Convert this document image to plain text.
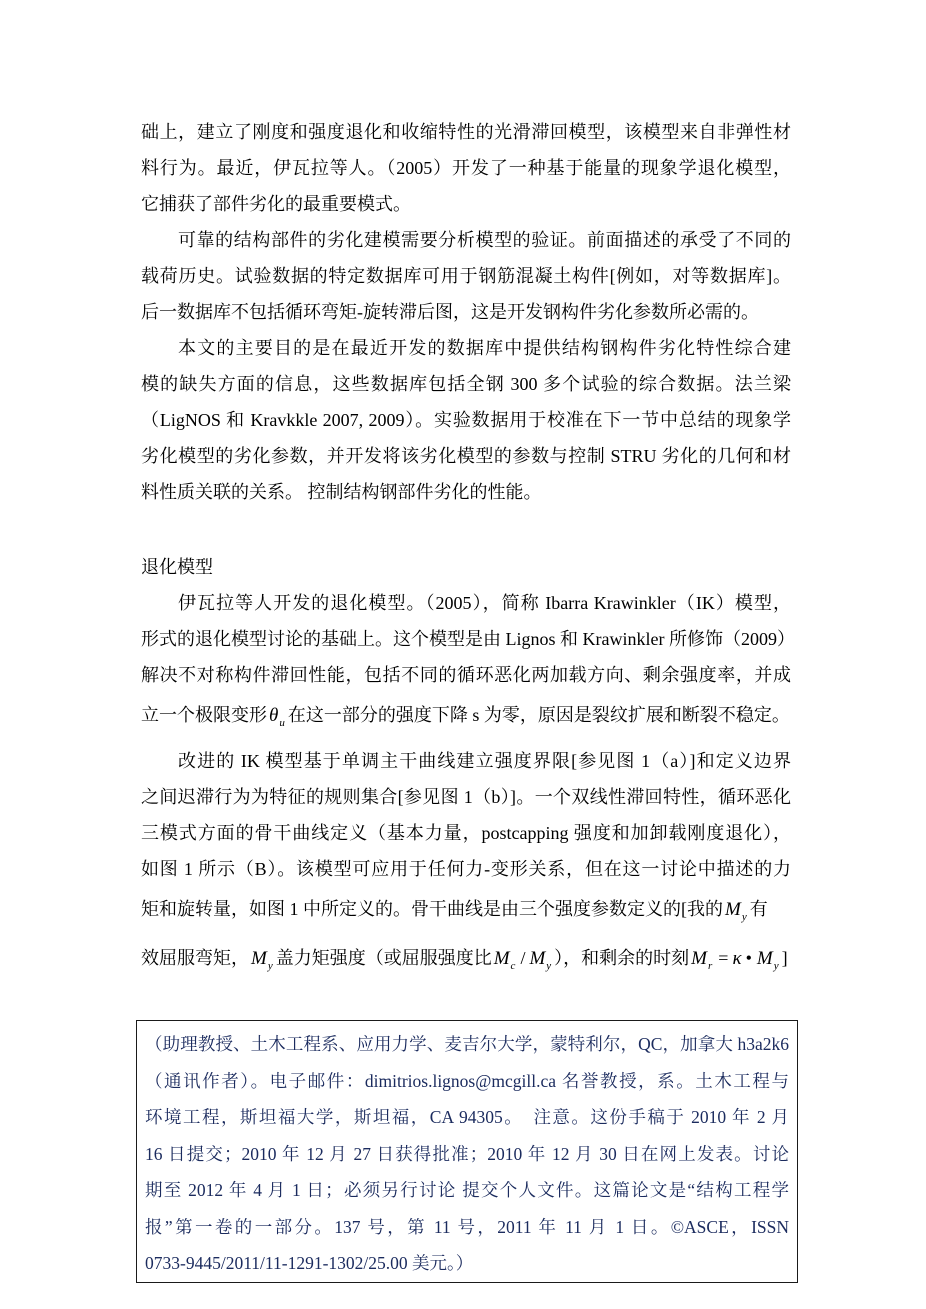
础上，建立了刚度和强度退化和收缩特性的光滑滞回模型，该模型来自非弹性材
料行为。最近，伊瓦拉等人。（2005）开发了一种基于能量的现象学退化模型，
它捕获了部件劣化的最重要模式。
可靠的结构部件的劣化建模需要分析模型的验证。前面描述的承受了不同的
载荷历史。试验数据的特定数据库可用于钢筋混凝土构件[例如，对等数据库]。
后一数据库不包括循环弯矩-旋转滞后图，这是开发钢构件劣化参数所必需的。
本文的主要目的是在最近开发的数据库中提供结构钢构件劣化特性综合建
模的缺失方面的信息，这些数据库包括全钢 300 多个试验的综合数据。法兰梁
（LigNOS 和 Kravkkle 2007, 2009）。实验数据用于校准在下一节中总结的现象学
劣化模型的劣化参数，并开发将该劣化模型的参数与控制 STRU 劣化的几何和材
料性质关联的关系。 控制结构钢部件劣化的性能。
退化模型
伊瓦拉等人开发的退化模型。（2005），简称 Ibarra Krawinkler（IK）模型，
形式的退化模型讨论的基础上。这个模型是由 Lignos 和 Krawinkler 所修饰（2009）
解决不对称构件滞回性能，包括不同的循环恶化两加载方向、剩余强度率，并成
立一个极限变形 $\theta_u$ 在这一部分的强度下降 s 为零，原因是裂纹扩展和断裂不稳定。
改进的 IK 模型基于单调主干曲线建立强度界限[参见图 1（a）]和定义边界
之间迟滞行为为特征的规则集合[参见图 1（b）]。一个双线性滞回特性，循环恶化
三模式方面的骨干曲线定义（基本力量，postcapping 强度和加卸载刚度退化），
如图 1 所示（B）。该模型可应用于任何力-变形关系，但在这一讨论中描述的力
矩和旋转量，如图 1 中所定义的。骨干曲线是由三个强度参数定义的[我的 $M_y$ 有
效屈服弯矩， $M_y$ 盖力矩强度（或屈服强度比 $M_c / M_y$ ），和剩余的时刻 $M_r = \kappa$ • $M_y$ ]
（助理教授、土木工程系、应用力学、麦吉尔大学，蒙特利尔，QC，加拿大 h3a2k6
（通讯作者）。电子邮件：dimitrios.lignos@mcgill.ca 名誉教授，系。土木工程与
环境工程，斯坦福大学，斯坦福，CA 94305。　注意。这份手稿于 2010 年 2 月
16 日提交；2010 年 12 月 27 日获得批准；2010 年 12 月 30 日在网上发表。讨论
期至 2012 年 4 月 1 日；必须另行讨论 提交个人文件。这篇论文是“结构工程学
报”第一卷的一部分。137 号，第 11 号，2011 年 11 月 1 日。©ASCE，ISSN
0733-9445/2011/11-1291-1302/25.00 美元。）
